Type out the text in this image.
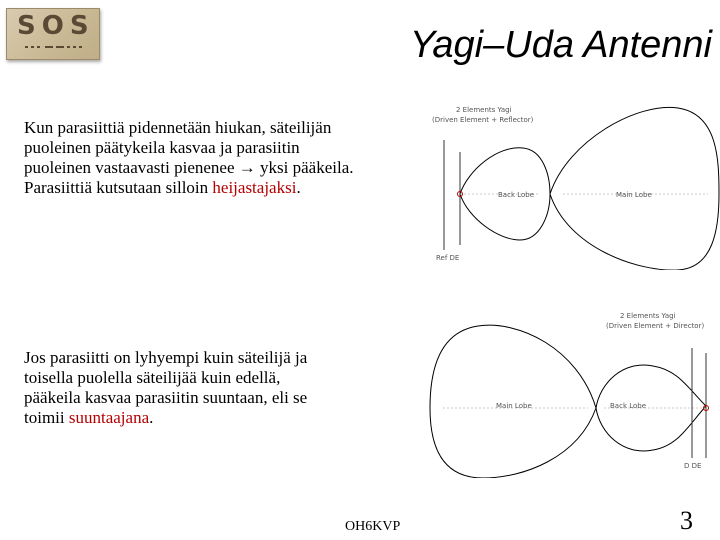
SOS	Yagi–Uda Antenni
Kun parasiittiä pidennetään hiukan, säteilijän
puoleinen päätykeila kasvaa ja parasiitin
puoleinen vastaavasti pienenee → yksi pääkeila.
Parasiittiä kutsutaan silloin heijastajaksi.
Jos parasiitti on lyhyempi kuin säteilijä ja
toisella puolella säteilijää kuin edellä,
pääkeila kasvaa parasiitin suuntaan, eli se
toimii suuntaajana.
2 Elements Yagi
(Driven Element + Reflector)
Back Lobe	Main Lobe
Ref DE
2 Elements Yagi
(Driven Element + Director)
Main Lobe	Back Lobe
D DE
OH6KVP	3
